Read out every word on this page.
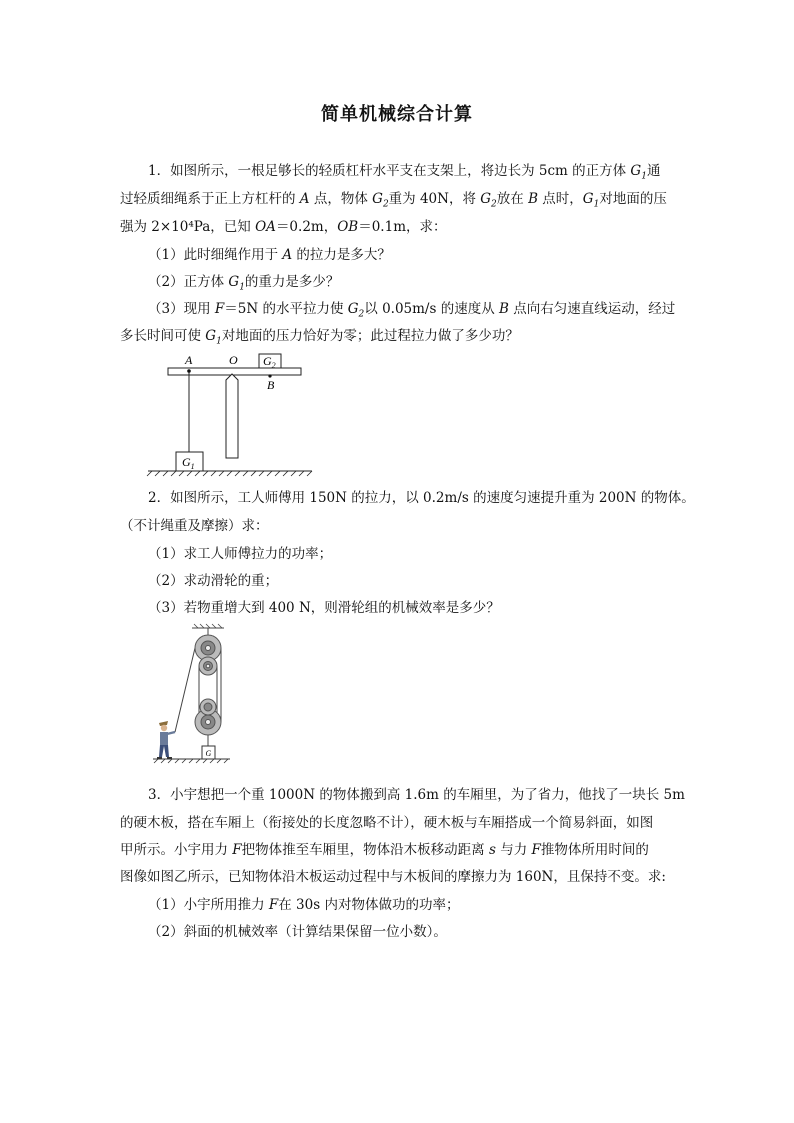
简单机械综合计算
1．如图所示，一根足够长的轻质杠杆水平支在支架上，将边长为 5cm 的正方体 $G_1$通
过轻质细绳系于正上方杠杆的 A 点，物体 $G_2$重为 40N，将 $G_2$放在 B 点时，$G_1$对地面的压
强为 2×10⁴Pa，已知 OA＝0.2m，OB＝0.1m，求：
（1）此时细绳作用于 A 的拉力是多大？
（2）正方体 $G_1$的重力是多少？
（3）现用 F＝5N 的水平拉力使 $G_2$以 0.05m/s 的速度从 B 点向右匀速直线运动，经过
多长时间可使 $G_1$对地面的压力恰好为零；此过程拉力做了多少功？
A	O
B
$G_2$
$G_1$
2．如图所示，工人师傅用 150N 的拉力，以 0.2m/s 的速度匀速提升重为 200N 的物体。
（不计绳重及摩擦）求：
（1）求工人师傅拉力的功率；
（2）求动滑轮的重；
（3）若物重增大到 400 N，则滑轮组的机械效率是多少？
G
3．小宇想把一个重 1000N 的物体搬到高 1.6m 的车厢里，为了省力，他找了一块长 5m
的硬木板，搭在车厢上（衔接处的长度忽略不计），硬木板与车厢搭成一个简易斜面，如图
甲所示。小宇用力 F把物体推至车厢里，物体沿木板移动距离 s 与力 F推物体所用时间的
图像如图乙所示，已知物体沿木板运动过程中与木板间的摩擦力为 160N，且保持不变。求:
（1）小宇所用推力 F在 30s 内对物体做功的功率；
（2）斜面的机械效率（计算结果保留一位小数）。
